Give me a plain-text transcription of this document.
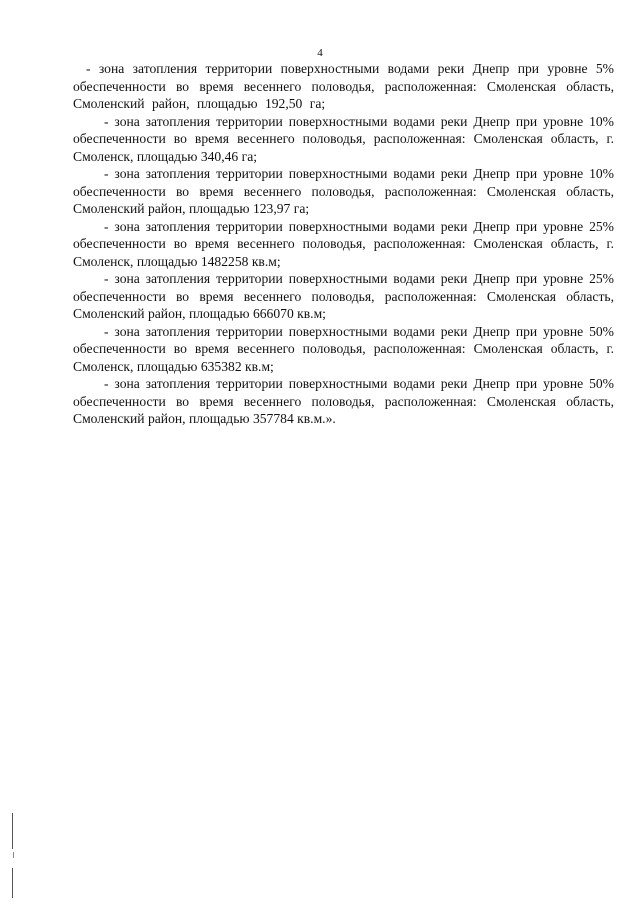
4

- зона затопления территории поверхностными водами реки Днепр при уровне 5% обеспеченности во время весеннего половодья, расположенная: Смоленская область, Смоленский район, площадью 192,50 га;

- зона затопления территории поверхностными водами реки Днепр при уровне 10% обеспеченности во время весеннего половодья, расположенная: Смоленская область, г. Смоленск, площадью 340,46 га;

- зона затопления территории поверхностными водами реки Днепр при уровне 10% обеспеченности во время весеннего половодья, расположенная: Смоленская область, Смоленский район, площадью 123,97 га;

- зона затопления территории поверхностными водами реки Днепр при уровне 25% обеспеченности во время весеннего половодья, расположенная: Смоленская область, г. Смоленск, площадью 1482258 кв.м;

- зона затопления территории поверхностными водами реки Днепр при уровне 25% обеспеченности во время весеннего половодья, расположенная: Смоленская область, Смоленский район, площадью 666070 кв.м;

- зона затопления территории поверхностными водами реки Днепр при уровне 50% обеспеченности во время весеннего половодья, расположенная: Смоленская область, г. Смоленск, площадью 635382 кв.м;

- зона затопления территории поверхностными водами реки Днепр при уровне 50% обеспеченности во время весеннего половодья, расположенная: Смоленская область, Смоленский район, площадью 357784 кв.м.».
